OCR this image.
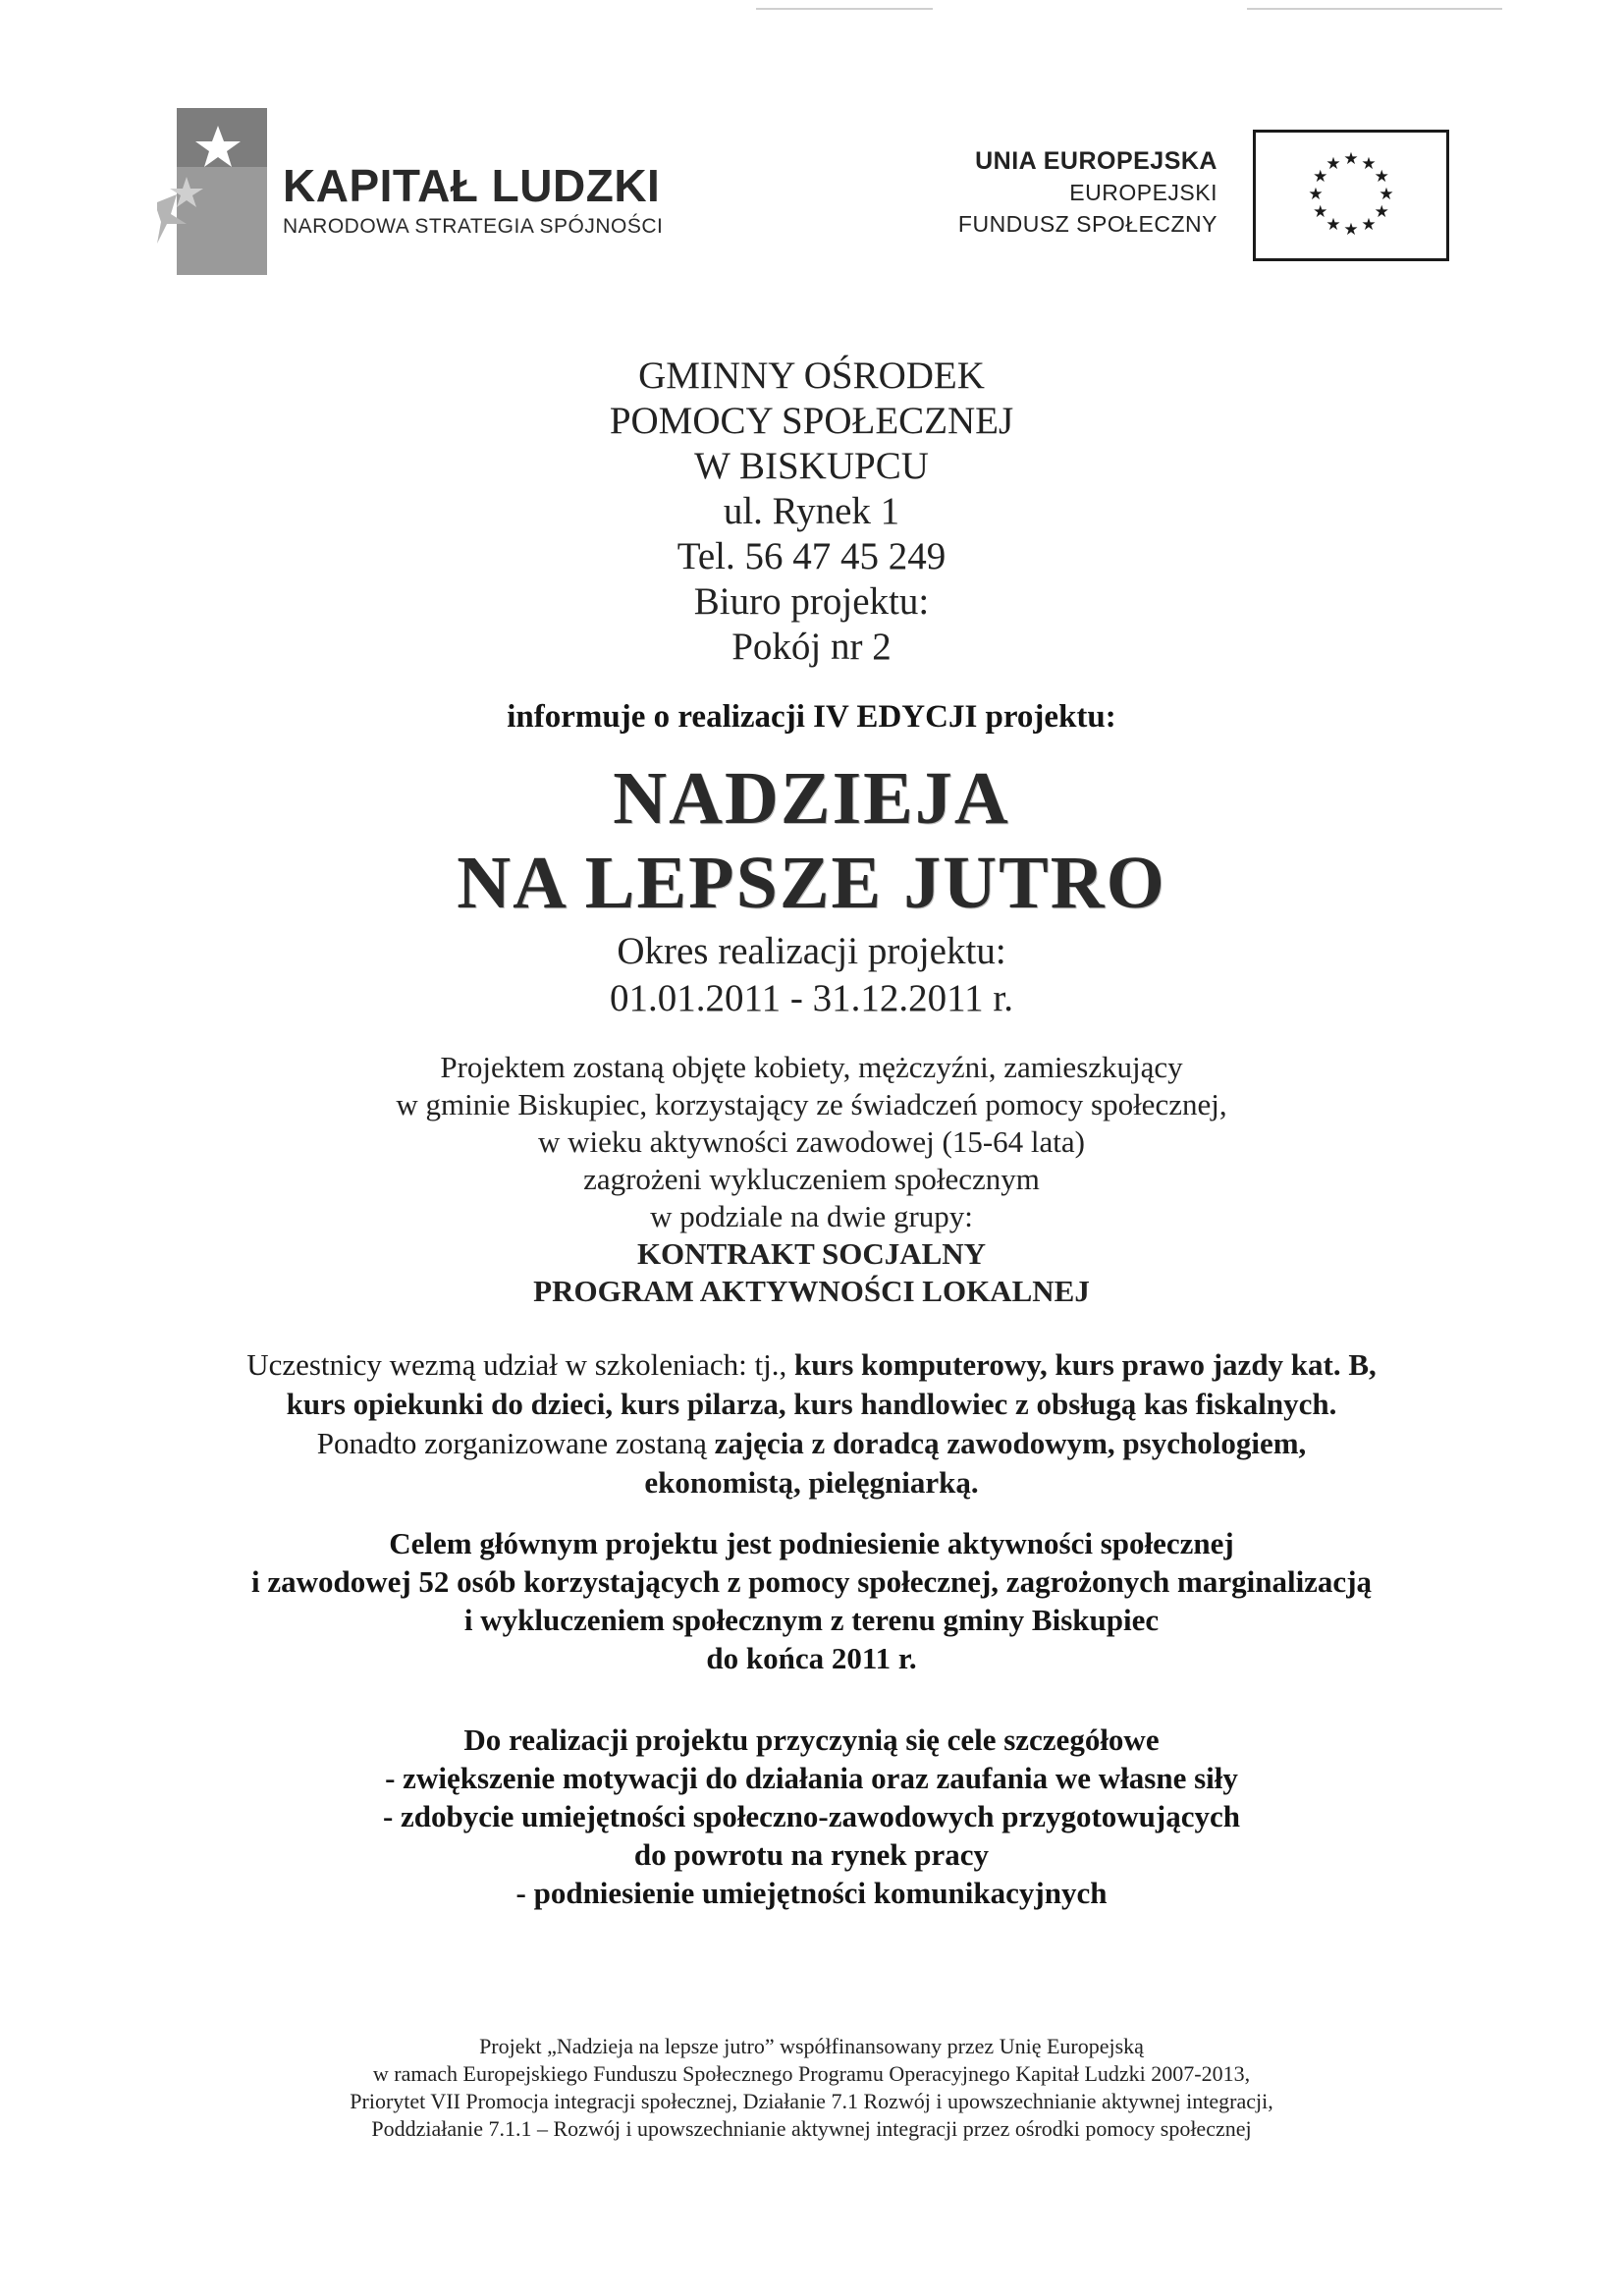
KAPITAŁ LUDZKI
NARODOWA STRATEGIA SPÓJNOŚCI
UNIA EUROPEJSKA
EUROPEJSKI
FUNDUSZ SPOŁECZNY
★ ★
★
★
★
★
★
★
★
★
★
★
GMINNY OŚRODEK
POMOCY SPOŁECZNEJ
W BISKUPCU
ul. Rynek 1
Tel. 56 47 45 249
Biuro projektu:
Pokój nr 2
informuje o realizacji IV EDYCJI projektu:
NADZIEJA
NA LEPSZE JUTRO
Okres realizacji projektu:
01.01.2011 - 31.12.2011 r.
Projektem zostaną objęte kobiety, mężczyźni, zamieszkujący
w gminie Biskupiec, korzystający ze świadczeń pomocy społecznej,
w wieku aktywności zawodowej (15-64 lata)
zagrożeni wykluczeniem społecznym
w podziale na dwie grupy:
KONTRAKT SOCJALNY
PROGRAM AKTYWNOŚCI LOKALNEJ
Uczestnicy wezmą udział w szkoleniach: tj., kurs komputerowy, kurs prawo jazdy kat. B,
kurs opiekunki do dzieci, kurs pilarza, kurs handlowiec z obsługą kas fiskalnych.
Ponadto zorganizowane zostaną zajęcia z doradcą zawodowym, psychologiem,
ekonomistą, pielęgniarką.
Celem głównym projektu jest podniesienie aktywności społecznej
i zawodowej 52 osób korzystających z pomocy społecznej, zagrożonych marginalizacją
i wykluczeniem społecznym z terenu gminy Biskupiec
do końca 2011 r.
Do realizacji projektu przyczynią się cele szczegółowe
- zwiększenie motywacji do działania oraz zaufania we własne siły
- zdobycie umiejętności społeczno-zawodowych przygotowujących
do powrotu na rynek pracy
- podniesienie umiejętności komunikacyjnych
Projekt „Nadzieja na lepsze jutro” współfinansowany przez Unię Europejską
w ramach Europejskiego Funduszu Społecznego Programu Operacyjnego Kapitał Ludzki 2007-2013,
Priorytet VII Promocja integracji społecznej, Działanie 7.1 Rozwój i upowszechnianie aktywnej integracji,
Poddziałanie 7.1.1 – Rozwój i upowszechnianie aktywnej integracji przez ośrodki pomocy społecznej
